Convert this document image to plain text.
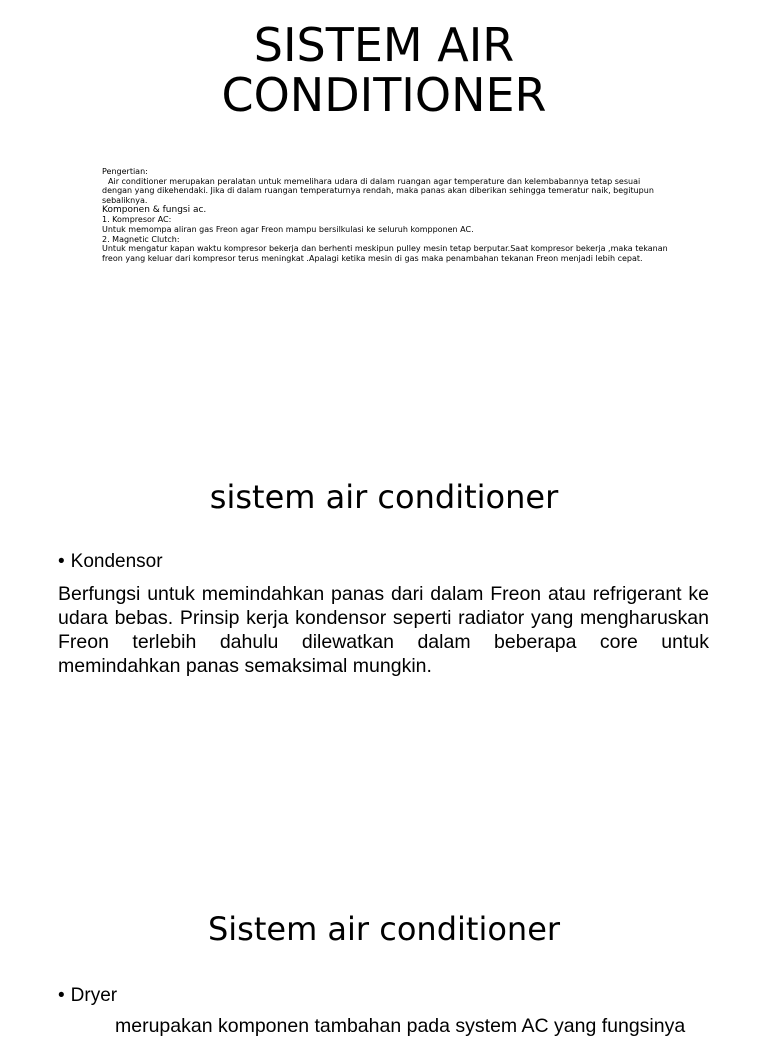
SISTEM AIR
CONDITIONER
Pengertian:
Air conditioner merupakan peralatan untuk memelihara udara di dalam ruangan agar temperature dan kelembabannya tetap sesuai dengan yang dikehendaki. Jika di dalam ruangan temperaturnya rendah, maka panas akan diberikan sehingga temeratur naik, begitupun sebaliknya.
Komponen & fungsi ac.
1. Kompresor AC:
Untuk memompa aliran gas Freon agar Freon mampu bersilkulasi ke seluruh kompponen AC.
2. Magnetic Clutch:
Untuk mengatur kapan waktu kompresor bekerja dan berhenti meskipun pulley mesin tetap berputar.Saat kompresor bekerja ,maka tekanan freon yang keluar dari kompresor terus meningkat .Apalagi ketika mesin di gas maka penambahan tekanan Freon menjadi lebih cepat.
sistem air conditioner
• Kondensor
Berfungsi untuk memindahkan panas dari dalam Freon atau refrigerant ke udara bebas. Prinsip kerja kondensor seperti radiator yang mengharuskan Freon terlebih dahulu dilewatkan dalam beberapa core untuk memindahkan panas semaksimal mungkin.
Sistem air conditioner
• Dryer
merupakan komponen tambahan pada system AC yang fungsinya
